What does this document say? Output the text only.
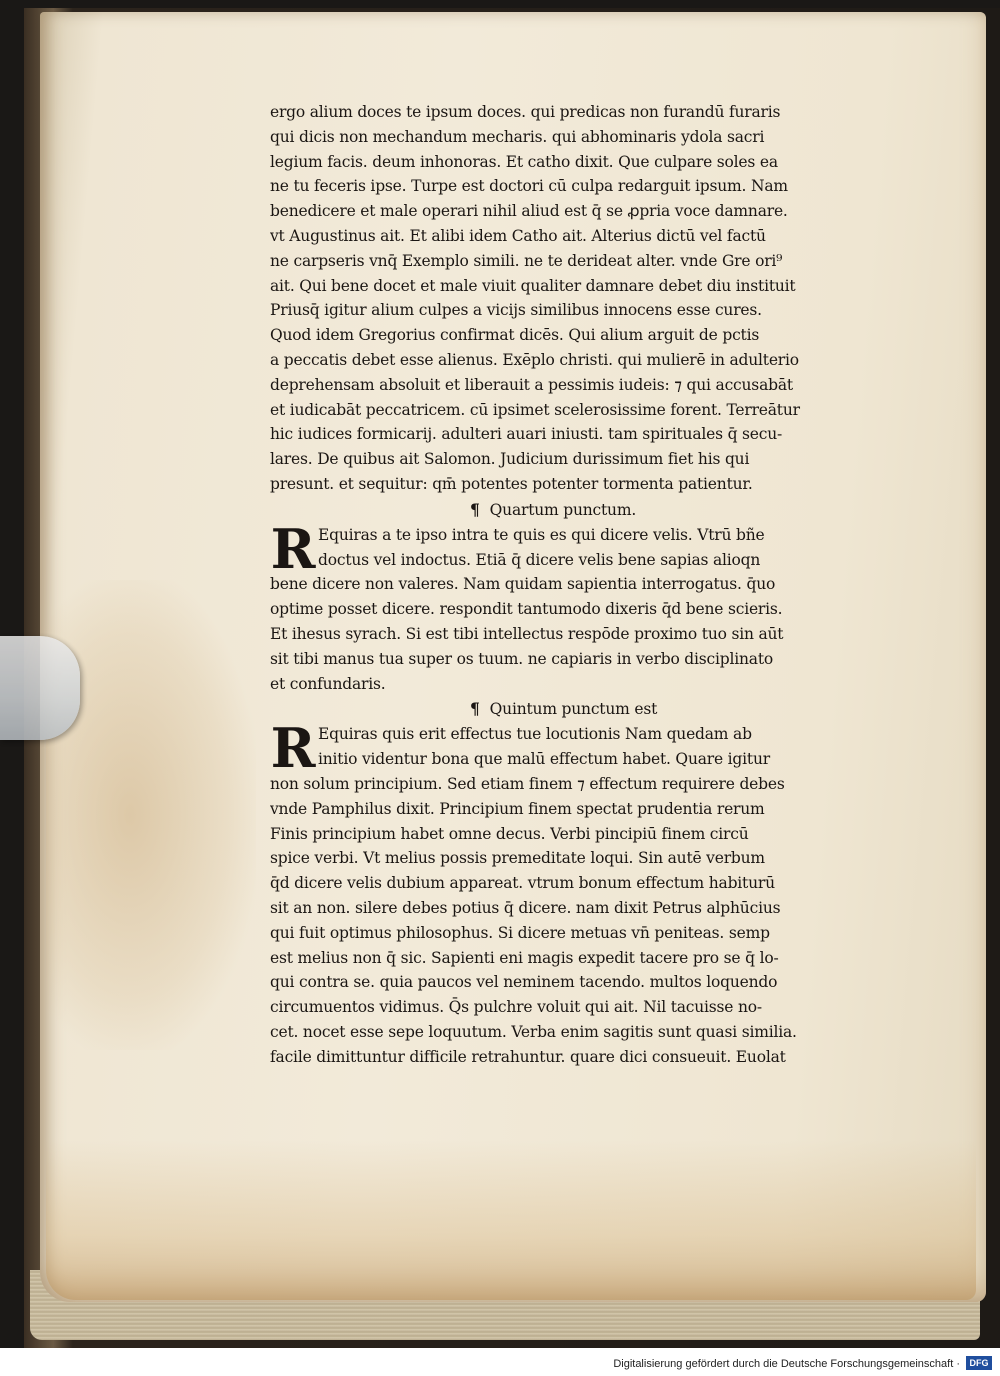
ergo alium doces te ipsum doces. qui predicas non furandū furaris
qui dicis non mechandum mecharis. qui abhominaris ydola sacri
legium facis. deum inhonoras. Et catho dixit. Que culpare soles ea
ne tu feceris ipse. Turpe est doctori cū culpa redarguit ipsum. Nam
benedicere et male operari nihil aliud est q̄ se ꝓpria voce damnare.
vt Augustinus ait. Et alibi idem Catho ait. Alterius dictū vel factū
ne carpseris vnq̄ Exemplo simili. ne te derideat alter. vnde Gre ori⁹
ait. Qui bene docet et male viuit qualiter damnare debet diu instituit
Priusq̄ igitur alium culpes a vicijs similibus innocens esse cures.
Quod idem Gregorius confirmat dicēs. Qui alium arguit de pctis
a peccatis debet esse alienus. Exēplo christi. qui mulierē in adulterio
deprehensam absoluit et liberauit a pessimis iudeis: ⁊ qui accusabāt
et iudicabāt peccatricem. cū ipsimet scelerosissime forent. Terreātur
hic iudices formicarij. adulteri auari iniusti. tam spirituales q̄ secu-
lares. De quibus ait Salomon. Judicium durissimum fiet his qui
presunt. et sequitur: qm̄ potentes potenter tormenta patientur.
¶ Quartum punctum.
R Equiras a te ipso intra te quis es qui dicere velis. Vtrū bñe
doctus vel indoctus. Etiā q̄ dicere velis bene sapias alioqn
bene dicere non valeres. Nam quidam sapientia interrogatus. q̄uo
optime posset dicere. respondit tantumodo dixeris q̄d bene scieris.
Et ihesus syrach. Si est tibi intellectus respōde proximo tuo sin aūt
sit tibi manus tua super os tuum. ne capiaris in verbo disciplinato
et confundaris.
¶ Quintum punctum est
R Equiras quis erit effectus tue locutionis Nam quedam ab
initio videntur bona que malū effectum habet. Quare igitur
non solum principium. Sed etiam finem ⁊ effectum requirere debes
vnde Pamphilus dixit. Principium finem spectat prudentia rerum
Finis principium habet omne decus. Verbi pincipiū finem circū
spice verbi. Vt melius possis premeditate loqui. Sin autē verbum
q̄d dicere velis dubium appareat. vtrum bonum effectum habiturū
sit an non. silere debes potius q̄ dicere. nam dixit Petrus alphūcius
qui fuit optimus philosophus. Si dicere metuas vn̄ peniteas. semp
est melius non q̄ sic. Sapienti eni magis expedit tacere pro se q̄ lo-
qui contra se. quia paucos vel neminem tacendo. multos loquendo
circumuentos vidimus. Q̄s pulchre voluit qui ait. Nil tacuisse no-
cet. nocet esse sepe loquutum. Verba enim sagitis sunt quasi similia.
facile dimittuntur difficile retrahuntur. quare dici consueuit. Euolat
Digitalisierung gefördert durch die Deutsche Forschungsgemeinschaft ·	DFG
